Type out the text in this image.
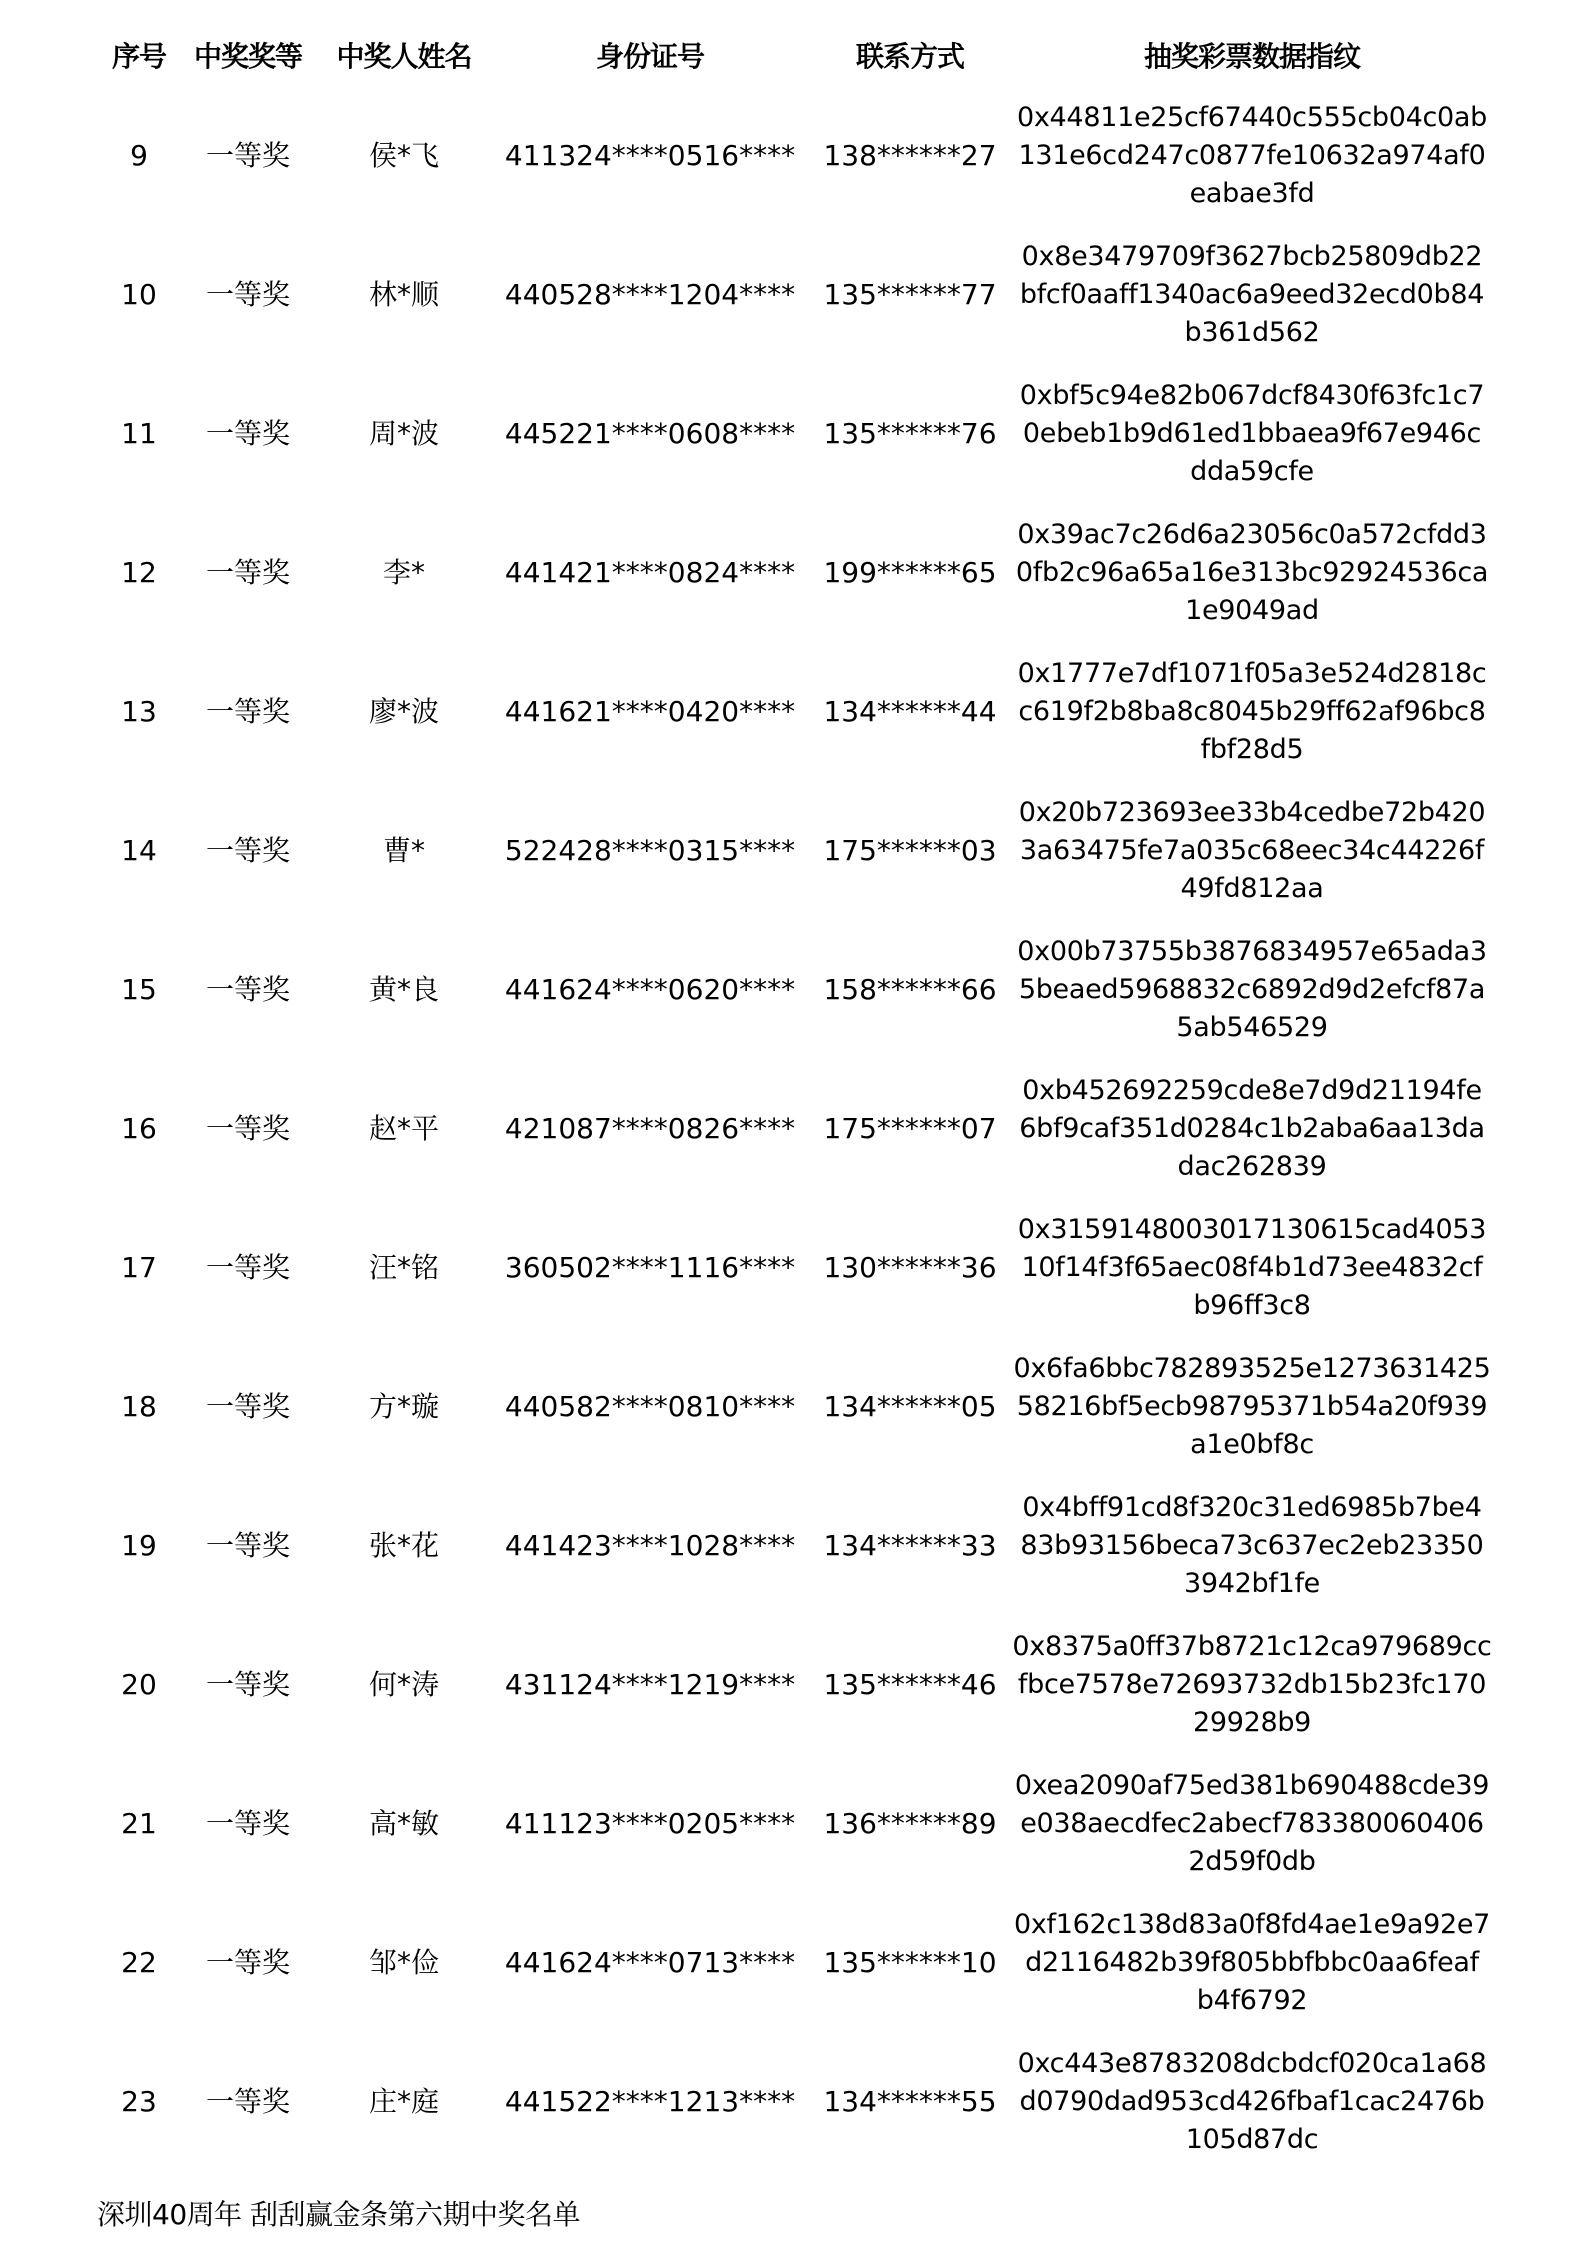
序号 中奖奖等 中奖人姓名	身份证号	联系方式	抽奖彩票数据指纹
9 一等奖	侯*飞 411324****0516**** 138******27
0x44811e25cf67440c555cb04c0ab
131e6cd247c0877fe10632a974af0
eabae3fd
10 一等奖	林*顺 440528****1204**** 135******77
0x8e3479709f3627bcb25809db22
bfcf0aaff1340ac6a9eed32ecd0b84
b361d562
11 一等奖	周*波 445221****0608**** 135******76
0xbf5c94e82b067dcf8430f63fc1c7
0ebeb1b9d61ed1bbaea9f67e946c
dda59cfe
12 一等奖	李*	441421****0824**** 199******65
0x39ac7c26d6a23056c0a572cfdd3
0fb2c96a65a16e313bc92924536ca
1e9049ad
13 一等奖	廖*波 441621****0420**** 134******44
0x1777e7df1071f05a3e524d2818c
c619f2b8ba8c8045b29ff62af96bc8
fbf28d5
14 一等奖	曹*	522428****0315**** 175******03
0x20b723693ee33b4cedbe72b420
3a63475fe7a035c68eec34c44226f
49fd812aa
15 一等奖	黄*良 441624****0620**** 158******66
0x00b73755b3876834957e65ada3
5beaed5968832c6892d9d2efcf87a
5ab546529
16 一等奖	赵*平 421087****0826**** 175******07
0xb452692259cde8e7d9d21194fe
6bf9caf351d0284c1b2aba6aa13da
dac262839
17 一等奖	汪*铭 360502****1116**** 130******36
0x315914800301713061​5cad4053
10f14f3f65aec08f4b1d73ee4832cf
b96ff3c8
18 一等奖	方*璇 440582****0810**** 134******05
0x6fa6bbc782893525e1273631425
58216bf5ecb98795371b54a20f939
a1e0bf8c
19 一等奖	张*花 441423****1028**** 134******33
0x4bff91cd8f320c31ed6985b7be4
83b93156beca73c637ec2eb23350
3942bf1fe
20 一等奖	何*涛 431124****1219**** 135******46
0x8375a0ff37b8721c12ca979689cc
fbce7578e72693732db15b23fc170
29928b9
21 一等奖	高*敏 411123****0205**** 136******89
0xea2090af75ed381b690488cde39
e038aecdfec2abecf783380060406
2d59f0db
22 一等奖	邹*俭 441624****0713**** 135******10
0xf162c138d83a0f8fd4ae1e9a92e7
d2116482b39f805bbfbbc0aa6feaf
b4f6792
23 一等奖	庄*庭 441522****1213**** 134******55
0xc443e8783208dcbdcf020ca1a68
d0790dad953cd426fbaf1cac2476b
105d87dc
深圳40周年 刮刮赢金条第六期中奖名单
